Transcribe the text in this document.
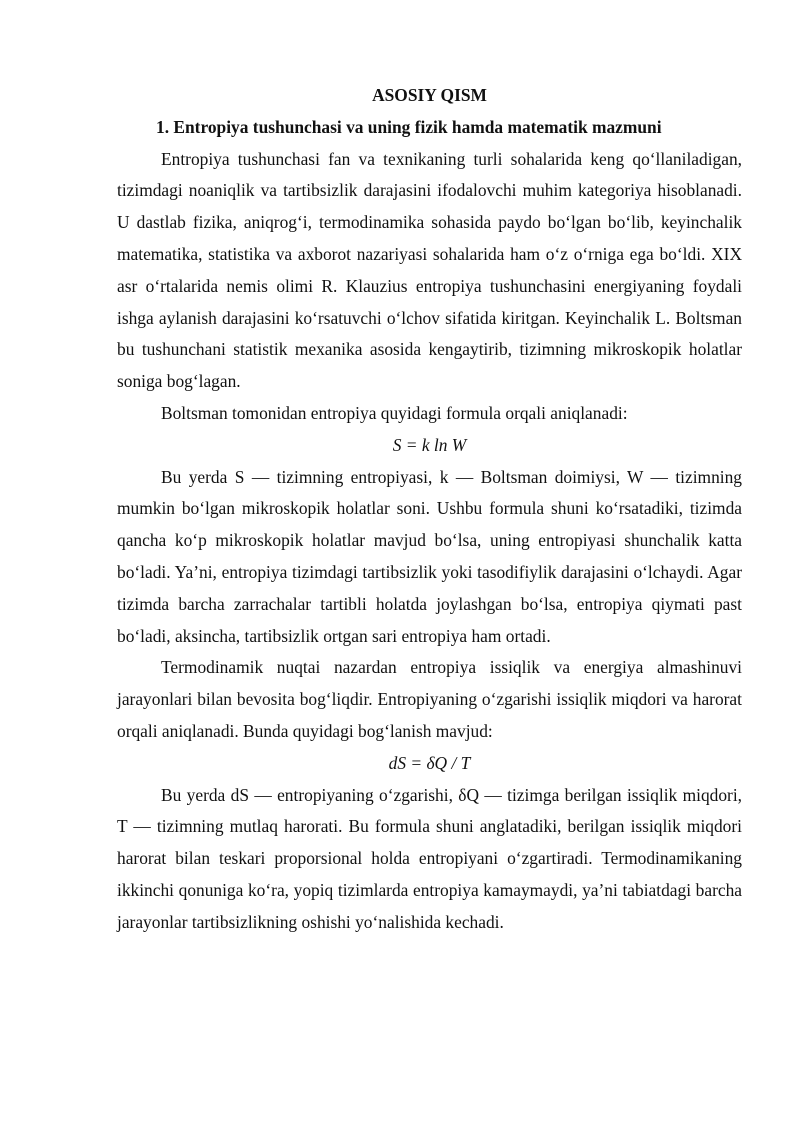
ASOSIY QISM

1. Entropiya tushunchasi va uning fizik hamda matematik mazmuni

Entropiya tushunchasi fan va texnikaning turli sohalarida keng qo‘llaniladigan, tizimdagi noaniqlik va tartibsizlik darajasini ifodalovchi muhim kategoriya hisoblanadi. U dastlab fizika, aniqrog‘i, termodinamika sohasida paydo bo‘lgan bo‘lib, keyinchalik matematika, statistika va axborot nazariyasi sohalarida ham o‘z o‘rniga ega bo‘ldi. XIX asr o‘rtalarida nemis olimi R. Klauzius entropiya tushunchasini energiyaning foydali ishga aylanish darajasini ko‘rsatuvchi o‘lchov sifatida kiritgan. Keyinchalik L. Boltsman bu tushunchani statistik mexanika asosida kengaytirib, tizimning mikroskopik holatlar soniga bog‘lagan.

Boltsman tomonidan entropiya quyidagi formula orqali aniqlanadi:

S = k ln W

Bu yerda S — tizimning entropiyasi, k — Boltsman doimiysi, W — tizimning mumkin bo‘lgan mikroskopik holatlar soni. Ushbu formula shuni ko‘rsatadiki, tizimda qancha ko‘p mikroskopik holatlar mavjud bo‘lsa, uning entropiyasi shunchalik katta bo‘ladi. Ya’ni, entropiya tizimdagi tartibsizlik yoki tasodifiylik darajasini o‘lchaydi. Agar tizimda barcha zarrachalar tartibli holatda joylashgan bo‘lsa, entropiya qiymati past bo‘ladi, aksincha, tartibsizlik ortgan sari entropiya ham ortadi.

Termodinamik nuqtai nazardan entropiya issiqlik va energiya almashinuvi jarayonlari bilan bevosita bog‘liqdir. Entropiyaning o‘zgarishi issiqlik miqdori va harorat orqali aniqlanadi. Bunda quyidagi bog‘lanish mavjud:

dS = δQ / T

Bu yerda dS — entropiyaning o‘zgarishi, δQ — tizimga berilgan issiqlik miqdori, T — tizimning mutlaq harorati. Bu formula shuni anglatadiki, berilgan issiqlik miqdori harorat bilan teskari proporsional holda entropiyani o‘zgartiradi. Termodinamikaning ikkinchi qonuniga ko‘ra, yopiq tizimlarda entropiya kamaymaydi, ya’ni tabiatdagi barcha jarayonlar tartibsizlikning oshishi yo‘nalishida kechadi.
